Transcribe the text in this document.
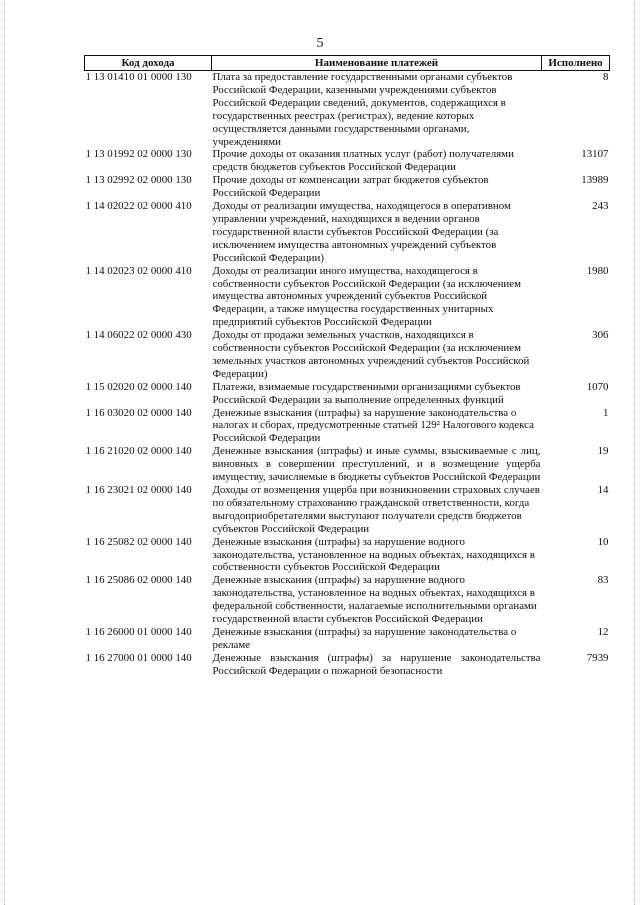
5
Код дохода	Наименование платежей	Исполнено
1 13 01410 01 0000 130	Плата за предоставление государственными органами субъектов Российской Федерации, казенными учреждениями субъектов Российской Федерации сведений, документов, содержащихся в государственных реестрах (регистрах), ведение которых осуществляется данными государственными органами, учреждениями	8
1 13 01992 02 0000 130	Прочие доходы от оказания платных услуг (работ) получателями средств бюджетов субъектов Российской Федерации	13107
1 13 02992 02 0000 130	Прочие доходы от компенсации затрат бюджетов субъектов Российской Федерации	13989
1 14 02022 02 0000 410	Доходы от реализации имущества, находящегося в оперативном управлении учреждений, находящихся в ведении органов государственной власти субъектов Российской Федерации (за исключением имущества автономных учреждений субъектов Российской Федерации)	243
1 14 02023 02 0000 410	Доходы от реализации иного имущества, находящегося в собственности субъектов Российской Федерации (за исключением имущества автономных учреждений субъектов Российской Федерации, а также имущества государственных унитарных предприятий субъектов Российской Федерации	1980
1 14 06022 02 0000 430	Доходы от продажи земельных участков, находящихся в собственности субъектов Российской Федерации (за исключением земельных участков автономных учреждений субъектов Российской Федерации)	306
1 15 02020 02 0000 140	Платежи, взимаемые государственными организациями субъектов Российской Федерации за выполнение определенных функций	1070
1 16 03020 02 0000 140	Денежные взыскания (штрафы) за нарушение законодательства о налогах и сборах, предусмотренные статьей 129² Налогового кодекса Российской Федерации	1
1 16 21020 02 0000 140	Денежные взыскания (штрафы) и иные суммы, взыскиваемые с лиц, виновных в совершении преступлений, и в возмещение ущерба имуществу, зачисляемые в бюджеты субъектов Российской Федерации	19
1 16 23021 02 0000 140	Доходы от возмещения ущерба при возникновении страховых случаев по обязательному страхованию гражданской ответственности, когда выгодоприобретателями выступают получатели средств бюджетов субъектов Российской Федерации	14
1 16 25082 02 0000 140	Денежные взыскания (штрафы) за нарушение водного законодательства, установленное на водных объектах, находящихся в собственности субъектов Российской Федерации	10
1 16 25086 02 0000 140	Денежные взыскания (штрафы) за нарушение водного законодательства, установленное на водных объектах, находящихся в федеральной собственности, налагаемые исполнительными органами государственной власти субъектов Российской Федерации	83
1 16 26000 01 0000 140	Денежные взыскания (штрафы) за нарушение законодательства о рекламе	12
1 16 27000 01 0000 140	Денежные взыскания (штрафы) за нарушение законодательства Российской Федерации о пожарной безопасности	7939
